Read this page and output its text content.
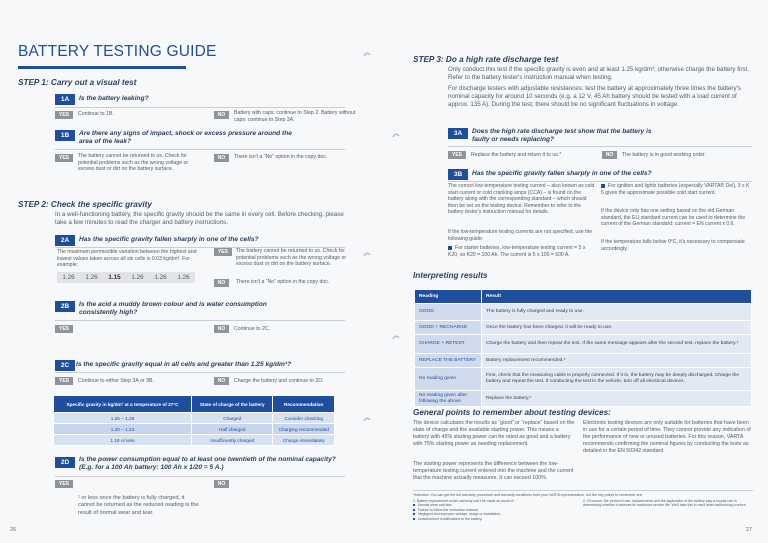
BATTERY TESTING GUIDE
STEP 1: Carry out a visual test
1A	Is the battery leaking?
YES	Continue to 1B.	NO	Battery with caps: continue to Step 2. Battery without caps: continue to Step 3A.
1B	Are there any signs of impact, shock or excess pressure around the area of the leak?
YES	The battery cannot be returned to us. Check for potential problems such as the wrong voltage or excess dust or dirt on the battery surface.
NO	There isn't a “No” option in the copy doc.
STEP 2: Check the specific gravity
In a well-functioning battery, the specific gravity should be the same in every cell. Before checking, please take a few minutes to read the charger and battery instructions.
2A	Has the specific gravity fallen sharply in one of the cells?
The maximum permissible variation between the highest and lowest values taken across all six cells is 0.03 kg/dm³. For example:
1.26 1.26 1.15 1.26 1.26 1.26
YES	The battery cannot be returned to us. Check for potential problems such as the wrong voltage or excess dust or dirt on the battery surface.
NO	There isn't a “No” option in the copy doc.
2B	Is the acid a muddy brown colour and is water consumption consistently high?
YES	NO	Continue to 2C.
2C	Is the specific gravity equal in all cells and greater than 1.25 kg/dm³?
YES	Continue to either Step 3A or 3B.	NO	Charge the battery and continue to 2D.
Specific gravity in kg/dm³ at a temperature of 27°C	State of charge of the battery	Recommendation
1.25 – 1.28	Charged	Consider checking
1.20 – 1.24	Half charged	Charging recommended
1.19 or less	Insufficiently charged	Charge immediately
2D	Is the power consumption equal to at least one twentieth of the nominal capacity? (E.g. for a 100 Ah battery: 100 Ah x 1/20 = 5 A.)
YES	NO
¹ or less once the battery is fully charged, it cannot be returned as the reduced reading is the result of normal wear and tear.
26
STEP 3: Do a high rate discharge test
Only conduct this test if the specific gravity is even and at least 1.25 kg/dm³; otherwise charge the battery first. Refer to the battery tester's instruction manual when testing.
For discharge testers with adjustable resistances: test the battery at approximately three times the battery's nominal capacity for around 10 seconds (e.g. a 12 V, 45 Ah battery should be tested with a load current of approx. 135 A). During the test, there should be no significant fluctuations in voltage.
3A	Does the high rate discharge test show that the battery is faulty or needs replacing?
YES	Replace the battery and return it to us.*	NO	The battery is in good working order.
3B	Has the specific gravity fallen sharply in one of the cells?
The correct low-temperature testing current – also known as cold start current or cold cranking amps (CCA) – is found on the battery along with the corresponding standard – which should then be set on the testing device. Remember to refer to the battery tester's instruction manual for details.
If the low-temperature testing currents are not specified, use the following guide:
For starter batteries, low-temperature testing current = 5 x K20, so K20 = 100 Ah. The current is 5 x 100 = 500 A.
For ignition and lights batteries (especially VARTA® Del), 3 x K 5 gives the approximate possible cold start current.
If the device only has one setting based on the old German standard, the EU standard current can be used to determine the current of the German standard: current = EN current x 0.6.
If the temperature falls below 0°C, it's necessary to compensate accordingly.
Interpreting results
Reading	Result
GOOD	The battery is fully charged and ready to use.
GOOD + RECHARGE	Once the battery has been charged, it will be ready to use.
CHARGE + RETEST	Charge the battery and then repeat the test. If the same message appears after the second test, replace the battery.*
REPLACE THE BATTERY	Battery replacement recommended.*
No reading given	First, check that the measuring cable is properly connected. If it is, the battery may be deeply discharged. Charge the battery and repeat the test. If conducting the test in the vehicle, turn off all electrical devices.
No reading given after following the above	Replace the battery.*
General points to remember about testing devices:
The device calculates the results as “good” or “replace” based on the state of charge and the available starting power. This means a battery with 45% starting power can be rated as good and a battery with 75% starting power as needing replacement.
The starting power represents the difference between the low-temperature testing current entered into the machine and the current that the machine actually measures. It can exceed 100%.
Electronic testing devices are only suitable for batteries that have been in use for a certain period of time. They cannot provide any indication of the performance of new or unused batteries. For this reason, VARTA recommends confirming the nominal figures by conducting the tests as detailed in the EN 50342 standard.
*Attention: You can get the full warranty procedure and warranty conditions from your VARTA representative, but the key points to remember are:
1. Battery replacement under warranty can't be made as result of:
Normal wear and tear.
Failure to follow the instruction manual.
Negligent and improper storage, usage or installation.
Unauthorised modifications to the battery.
2. Of course, the period of use, replacements and the application of the battery play a crucial role in determining whether it receives its maximum service life. We'll take this in mind when authorising a return.
27
